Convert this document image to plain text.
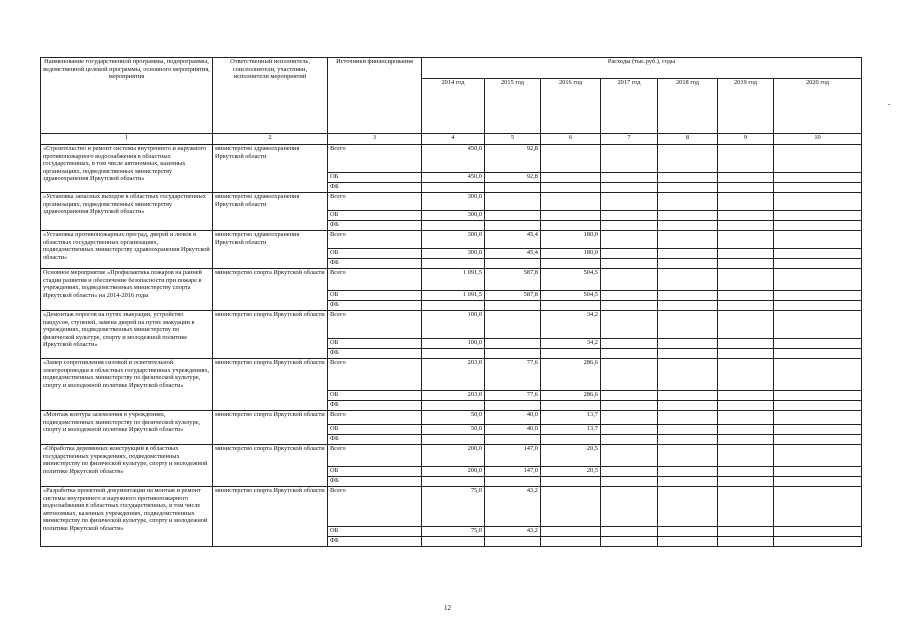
Наименование государственной программы, подпрограммы, ведомственной целевой программы, основного мероприятия, мероприятия	Ответственный исполнитель, соисполнители, участники, исполнители мероприятий	Источники финансирования	Расходы (тыс.руб.), годы						
			2014 год	2015 год	2016 год	2017 год	2018 год	2019 год	2020 год
1	2	3	4	5	6	7	8	9	10
«Строительство и ремонт системы внутреннего и наружного противопожарного водоснабжения в областных государственных, в том числе автономных, казенных организациях, подведомственных министерству здравоохранения Иркутской области»	министерство здравоохранения Иркутской области	Всего	450,0	92,8					
		ОБ	450,0	92,8					
		ФБ							
«Установка запасных выходов в областных государственных организациях, подведомственных министерству здравоохранения Иркутской области»	министерство здравоохранения Иркутской области	Всего	300,0						
		ОБ	300,0						
		ФБ							
«Установка противопожарных преград, дверей и люков в областных государственных организациях, подведомственных министерству здравоохранения Иркутской области»	министерство здравоохранения Иркутской области	Всего	300,0	45,4	180,0				
		ОБ	300,0	45,4	180,0				
		ФБ							
Основное мероприятие «Профилактика пожаров на ранней стадии развития и обеспечение безопасности при пожаре в учреждениях, подведомственных министерству спорта Иркутской области» на 2014-2016 годы	министерство спорта Иркутской области	Всего	1 091,5	587,8	504,5				
		ОБ	1 091,5	587,8	504,5				
		ФБ							
«Демонтаж порогов на путях эвакуации, устройство пандусов, ступеней, замена дверей на путях эвакуации в учреждениях, подведомственных министерству по физической культуре, спорту и молодежной политике Иркутской области»	министерство спорта Иркутской области	Всего	100,0		34,2				
		ОБ	100,0		34,2				
		ФБ							
«Замер сопротивления силовой и осветительной электропроводки в областных государственных учреждениях, подведомственных министерству по физической культуре, спорту и молодежной политике Иркутской области»	министерство спорта Иркутской области	Всего	203,0	77,6	286,6				
		ОБ	203,0	77,6	286,6				
		ФБ							
«Монтаж контура заземления в учреждениях, подведомственных министерству по физической культуре, спорту и молодежной политике Иркутской области»	министерство спорта Иркутской области	Всего	50,0	40,0	13,7				
		ОБ	50,0	40,0	13,7				
		ФБ							
«Обработка деревянных конструкций в областных государственных учреждениях, подведомственных министерству по физической культуре, спорту и молодежной политике Иркутской области»	министерство спорта Иркутской области	Всего	200,0	147,0	20,5				
		ОБ	200,0	147,0	20,5				
		ФБ							
«Разработка проектной документации на монтаж и ремонт системы внутреннего и наружного противопожарного водоснабжения в областных государственных, в том числе автономных, казенных учреждениях, подведомственных министерству по физической культуре, спорту и молодежной политике Иркутской области»	министерство спорта Иркутской области	Всего	75,0	43,2					
		ОБ	75,0	43,2					
		ФБ							
12
-
